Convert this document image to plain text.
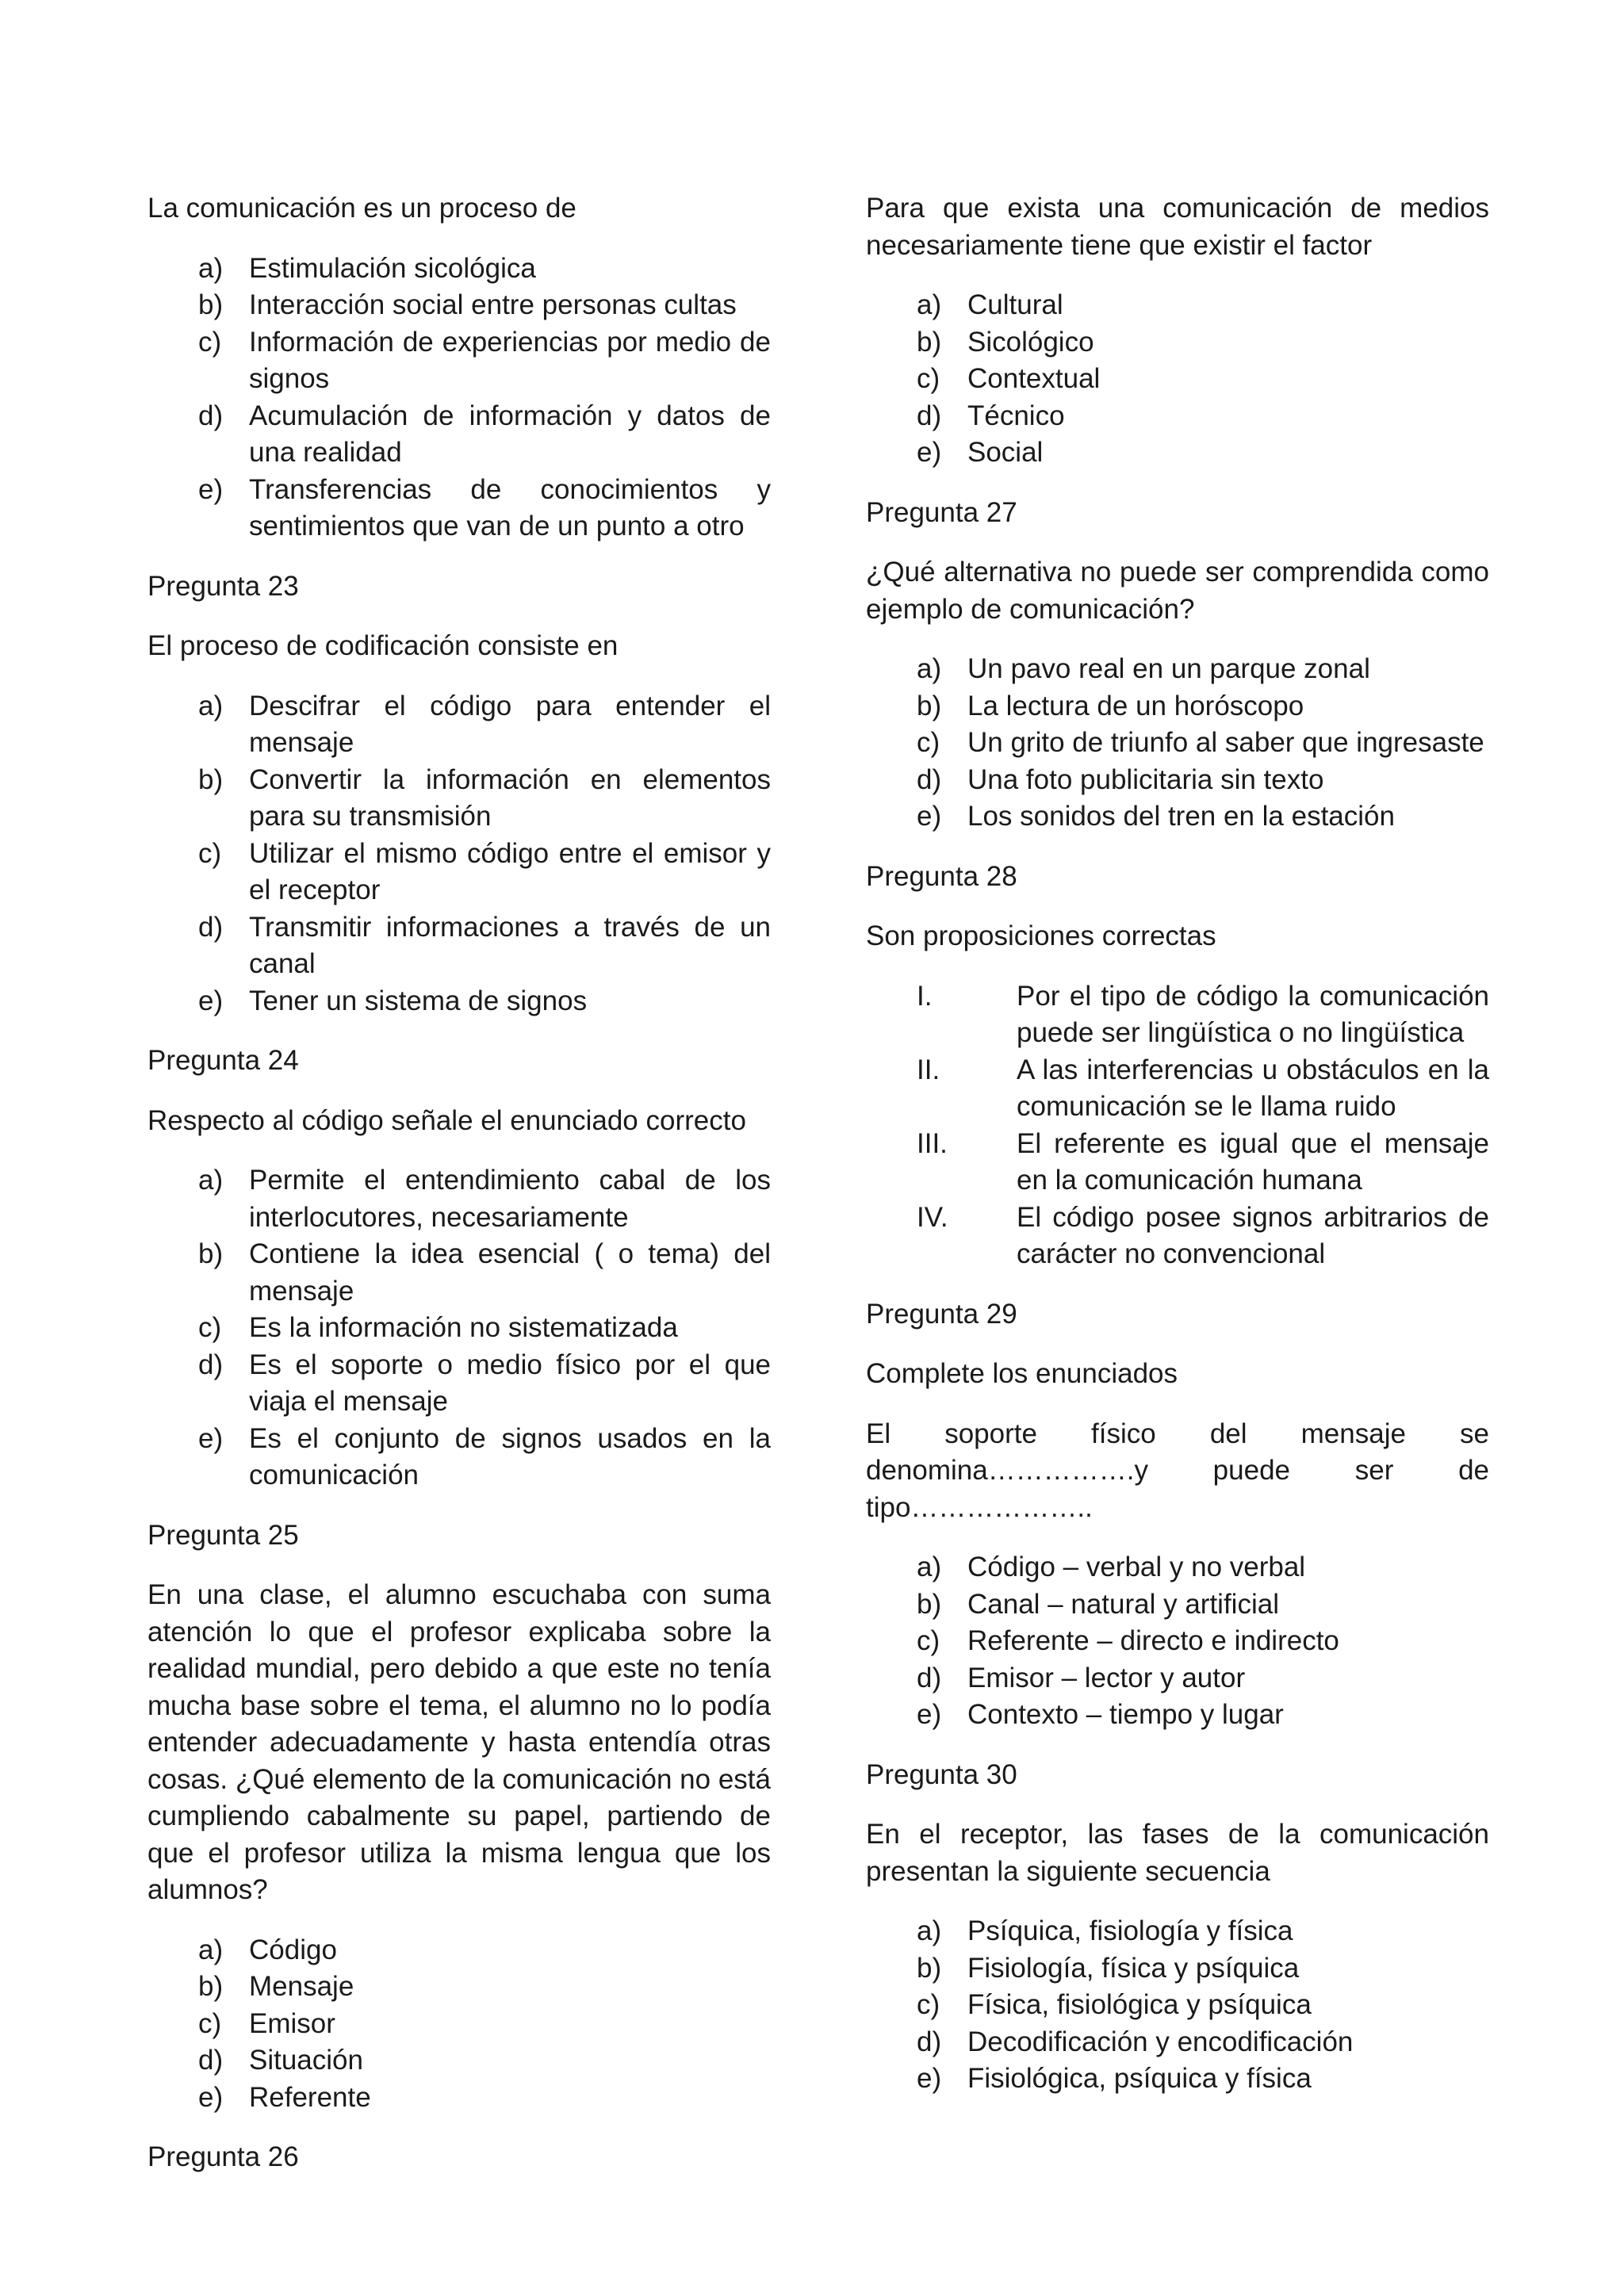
La comunicación es un proceso de

a) Estimulación sicológica
b) Interacción social entre personas cultas
c) Información de experiencias por medio de signos
d) Acumulación de información y datos de una realidad
e) Transferencias de conocimientos y sentimientos que van de un punto a otro

Pregunta 23

El proceso de codificación consiste en

a) Descifrar el código para entender el mensaje
b) Convertir la información en elementos para su transmisión
c) Utilizar el mismo código entre el emisor y el receptor
d) Transmitir informaciones a través de un canal
e) Tener un sistema de signos

Pregunta 24

Respecto al código señale el enunciado correcto

a) Permite el entendimiento cabal de los interlocutores, necesariamente
b) Contiene la idea esencial ( o tema) del mensaje
c) Es la información no sistematizada
d) Es el soporte o medio físico por el que viaja el mensaje
e) Es el conjunto de signos usados en la comunicación

Pregunta 25

En una clase, el alumno escuchaba con suma atención lo que el profesor explicaba sobre la realidad mundial, pero debido a que este no tenía mucha base sobre el tema, el alumno no lo podía entender adecuadamente y hasta entendía otras cosas. ¿Qué elemento de la comunicación no está cumpliendo cabalmente su papel, partiendo de que el profesor utiliza la misma lengua que los alumnos?

a) Código
b) Mensaje
c) Emisor
d) Situación
e) Referente

Pregunta 26

Para que exista una comunicación de medios necesariamente tiene que existir el factor

a) Cultural
b) Sicológico
c) Contextual
d) Técnico
e) Social

Pregunta 27

¿Qué alternativa no puede ser comprendida como ejemplo de comunicación?

a) Un pavo real en un parque zonal
b) La lectura de un horóscopo
c) Un grito de triunfo al saber que ingresaste
d) Una foto publicitaria sin texto
e) Los sonidos del tren en la estación

Pregunta 28

Son proposiciones correctas

I.	Por el tipo de código la comunicación puede ser lingüística o no lingüística
II.	A las interferencias u obstáculos en la comunicación se le llama ruido
III.	El referente es igual que el mensaje en la comunicación humana
IV.	El código posee signos arbitrarios de carácter no convencional

Pregunta 29

Complete los enunciados

El soporte físico del mensaje se denomina…………….y puede ser de tipo………………..

a) Código – verbal y no verbal
b) Canal – natural y artificial
c) Referente – directo e indirecto
d) Emisor – lector y autor
e) Contexto – tiempo y lugar

Pregunta 30

En el receptor, las fases de la comunicación presentan la siguiente secuencia

a) Psíquica, fisiología y física
b) Fisiología, física y psíquica
c) Física, fisiológica y psíquica
d) Decodificación y encodificación
e) Fisiológica, psíquica y física
